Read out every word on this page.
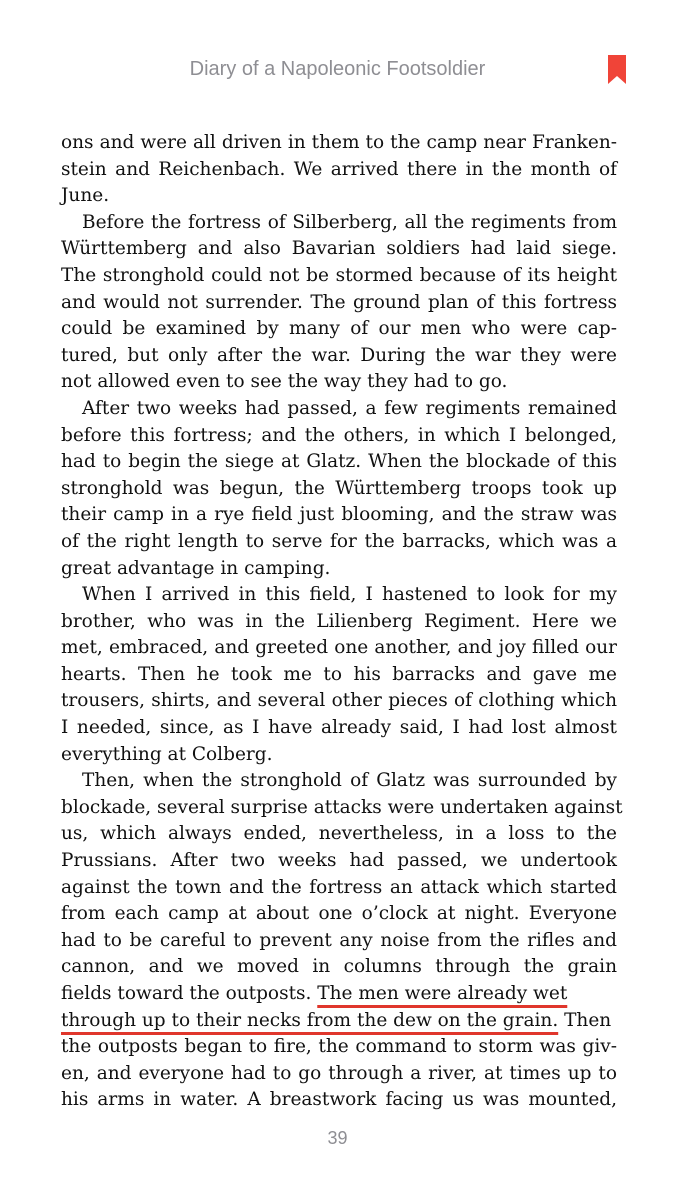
Diary of a Napoleonic Footsoldier
ons and were all driven in them to the camp near Franken-
stein and Reichenbach. We arrived there in the month of
June.
Before the fortress of Silberberg, all the regiments from
Württemberg and also Bavarian soldiers had laid siege.
The stronghold could not be stormed because of its height
and would not surrender. The ground plan of this fortress
could be examined by many of our men who were cap-
tured, but only after the war. During the war they were
not allowed even to see the way they had to go.
After two weeks had passed, a few regiments remained
before this fortress; and the others, in which I belonged,
had to begin the siege at Glatz. When the blockade of this
stronghold was begun, the Württemberg troops took up
their camp in a rye field just blooming, and the straw was
of the right length to serve for the barracks, which was a
great advantage in camping.
When I arrived in this field, I hastened to look for my
brother, who was in the Lilienberg Regiment. Here we
met, embraced, and greeted one another, and joy filled our
hearts. Then he took me to his barracks and gave me
trousers, shirts, and several other pieces of clothing which
I needed, since, as I have already said, I had lost almost
everything at Colberg.
Then, when the stronghold of Glatz was surrounded by
blockade, several surprise attacks were undertaken against
us, which always ended, nevertheless, in a loss to the
Prussians. After two weeks had passed, we undertook
against the town and the fortress an attack which started
from each camp at about one o’clock at night. Everyone
had to be careful to prevent any noise from the rifles and
cannon, and we moved in columns through the grain
fields toward the outposts. The men were already wet
through up to their necks from the dew on the grain. Then
the outposts began to fire, the command to storm was giv-
en, and everyone had to go through a river, at times up to
his arms in water. A breastwork facing us was mounted,
39
